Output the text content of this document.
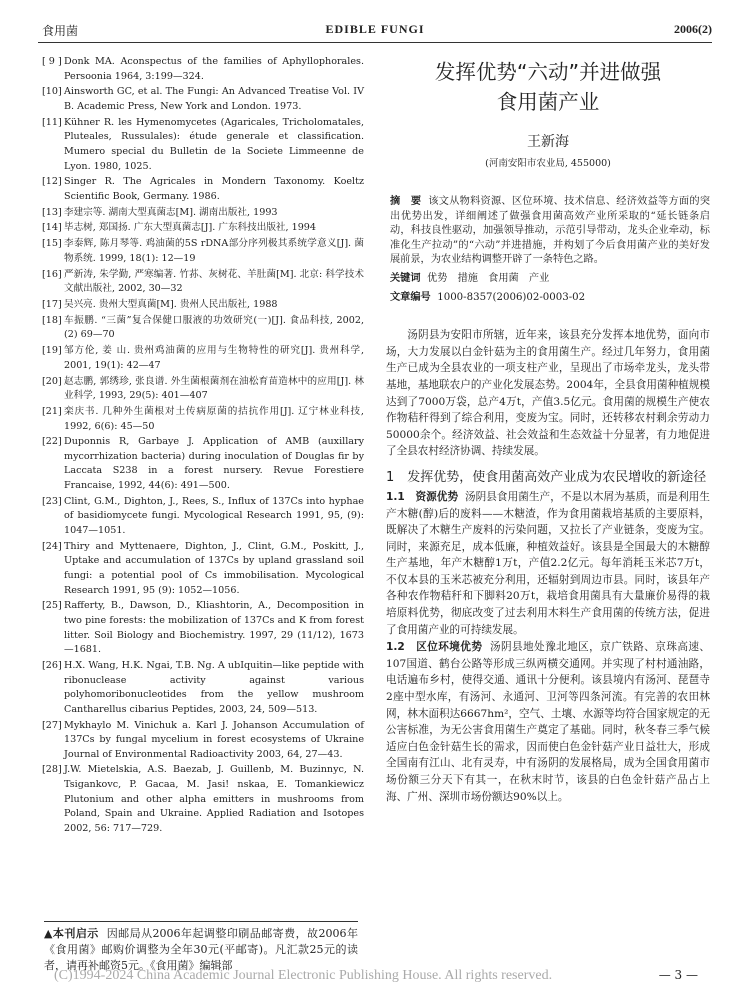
食用菌	EDIBLE FUNGI	2006(2)
[ 9 ] Donk MA. Aconspectus of the families of Aphyllophorales. Persoonia 1964, 3:199—324.
[10] Ainsworth GC, et al. The Fungi: An Advanced Treatise Vol. IV B. Academic Press, New York and London. 1973.
[11] Kühner R. les Hymenomycetes (Agaricales, Tricholomatales, Pluteales, Russulales): étude generale et classification. Mumero special du Bulletin de la Societe Limmeenne de Lyon. 1980, 1025.
[12] Singer R. The Agricales in Mondern Taxonomy. Koeltz Scientific Book, Germany. 1986.
[13] 李建宗等. 湖南大型真菌志[M]. 湖南出版社, 1993
[14] 毕志树, 郑国扬. 广东大型真菌志[J]. 广东科技出版社, 1994
[15] 李泰辉, 陈月琴等. 鸡油菌的5S rDNA部分序列极其系统学意义[J]. 菌物系统. 1999, 18(1): 12—19
[16] 严新涛, 朱学勤, 严寒编著. 竹荪、灰树花、羊肚菌[M]. 北京: 科学技术文献出版社, 2002, 30—32
[17] 吴兴亮. 贵州大型真菌[M]. 贵州人民出版社, 1988
[18] 车振鹏. “三菌”复合保健口服液的功效研究(一)[J]. 食品科技, 2002, (2) 69—70
[19] 邹方伦, 姜 山. 贵州鸡油菌的应用与生物特性的研究[J]. 贵州科学, 2001, 19(1): 42—47
[20] 赵志鹏, 郭绣珍, 张良谱. 外生菌根菌剂在油松育苗造林中的应用[J]. 林业科学, 1993, 29(5): 401—407
[21] 栾庆书. 几种外生菌根对土传病原菌的拮抗作用[J]. 辽宁林业科技, 1992, 6(6): 45—50
[22] Duponnis R, Garbaye J. Application of AMB (auxillary mycorrhization bacteria) during inoculation of Douglas fir by Laccata S238 in a forest nursery. Revue Forestiere Francaise, 1992, 44(6): 491—500.
[23] Clint, G.M., Dighton, J., Rees, S., Influx of 137Cs into hyphae of basidiomycete fungi. Mycological Research 1991, 95, (9): 1047—1051.
[24] Thiry and Myttenaere, Dighton, J., Clint, G.M., Poskitt, J., Uptake and accumulation of 137Cs by upland grassland soil fungi: a potential pool of Cs immobilisation. Mycological Research 1991, 95 (9): 1052—1056.
[25] Rafferty, B., Dawson, D., Kliashtorin, A., Decomposition in two pine forests: the mobilization of 137Cs and K from forest litter. Soil Biology and Biochemistry. 1997, 29 (11/12), 1673—1681.
[26] H.X. Wang, H.K. Ngai, T.B. Ng. A ubIquitin—like peptide with ribonuclease activity against various polyhomoribonucleotides from the yellow mushroom Cantharellus cibarius Peptides, 2003, 24, 509—513.
[27] Mykhaylo M. Vinichuk a. Karl J. Johanson Accumulation of 137Cs by fungal mycelium in forest ecosystems of Ukraine Journal of Environmental Radioactivity 2003, 64, 27—43.
[28] J.W. Mietelskia, A.S. Baezab, J. Guillenb, M. Buzinnyc, N. Tsigankovc, P. Gacaa, M. Jasi! nskaa, E. Tomankiewicz Plutonium and other alpha emitters in mushrooms from Poland, Spain and Ukraine. Applied Radiation and Isotopes 2002, 56: 717—729.
▲本刊启示 因邮局从2006年起调整印刷品邮寄费，故2006年《食用菌》邮购价调整为全年30元(平邮寄)。凡汇款25元的读者，请再补邮资5元。《食用菌》编辑部
发挥优势“六动”并进做强
食用菌产业
王新海
(河南安阳市农业局, 455000)
摘　要 该文从物料资源、区位环境、技术信息、经济效益等方面的突出优势出发，详细阐述了做强食用菌高效产业所采取的“延长链条启动，科技良性驱动，加强领导推动，示范引导带动，龙头企业牵动，标准化生产拉动”的“六动”并进措施，并构划了今后食用菌产业的美好发展前景，为农业结构调整开辟了一条特色之路。
关键词 优势　措施　食用菌　产业
文章编号 1000-8357(2006)02-0003-02

汤阴县为安阳市所辖，近年来，该县充分发挥本地优势，面向市场，大力发展以白金针菇为主的食用菌生产。经过几年努力，食用菌生产已成为全县农业的一项支柱产业，呈现出了市场牵龙头，龙头带基地，基地联农户的产业化发展态势。2004年，全县食用菌种植规模达到了7000万袋，总产4万t，产值3.5亿元。食用菌的规模生产使农作物秸秆得到了综合利用，变废为宝。同时，还转移农村剩余劳动力50000余个。经济效益、社会效益和生态效益十分显著，有力地促进了全县农村经济协调、持续发展。

1　发挥优势，使食用菌高效产业成为农民增收的新途径

1.1　资源优势 汤阴县食用菌生产，不是以木屑为基质，而是利用生产木糖(醇)后的废料——木糖渣，作为食用菌栽培基质的主要原料，既解决了木糖生产废料的污染问题，又拉长了产业链条，变废为宝。同时，来源充足，成本低廉，种植效益好。该县是全国最大的木糖醇生产基地，年产木糖醇1万t，产值2.2亿元。每年消耗玉米芯7万t，不仅本县的玉米芯被充分利用，还辐射到周边市县。同时，该县年产各种农作物秸秆和下脚料20万t，栽培食用菌具有大量廉价易得的栽培原料优势，彻底改变了过去利用木料生产食用菌的传统方法，促进了食用菌产业的可持续发展。

1.2　区位环境优势 汤阴县地处豫北地区，京广铁路、京珠高速、107国道、鹤台公路等形成三纵两横交通网。并实现了村村通油路，电话遍布乡村，使得交通、通讯十分便利。该县境内有汤河、琵琶寺2座中型水库，有汤河、永通河、卫河等四条河流。有完善的农田林网，林木面积达6667hm²，空气、土壤、水源等均符合国家规定的无公害标准，为无公害食用菌生产奠定了基础。同时，秋冬春三季气候适应白色金针菇生长的需求，因而使白色金针菇产业日益壮大，形成全国南有江山、北有灵寿，中有汤阴的发展格局，成为全国食用菌市场份额三分天下有其一，在秋末时节，该县的白色金针菇产品占上海、广州、深圳市场份额达90%以上。

(C)1994-2024 China Academic Journal Electronic Publishing House. All rights reserved.	— 3 —
